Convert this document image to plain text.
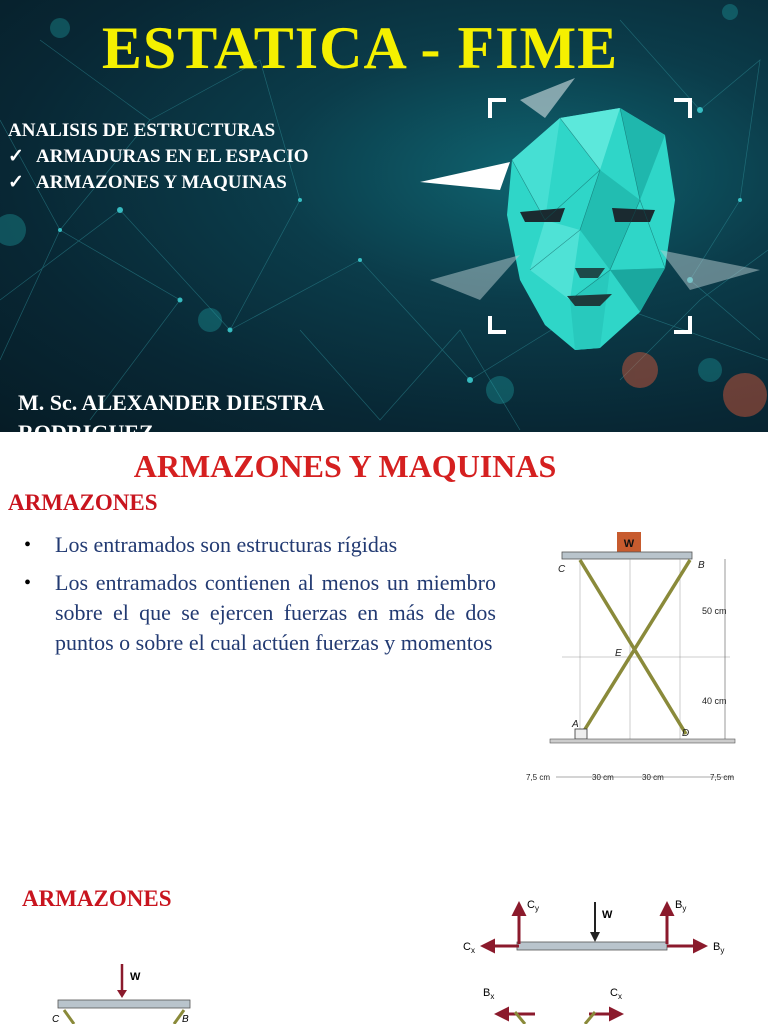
ESTATICA - FIME
ANALISIS DE ESTRUCTURAS
✓ ARMADURAS EN EL ESPACIO
✓ ARMAZONES Y MAQUINAS
M. Sc. ALEXANDER DIESTRA
ARMAZONES Y MAQUINAS
ARMAZONES
• Los entramados son estructuras rígidas
• Los entramados contienen al menos un miembro sobre el que se ejercen fuerzas en más de dos puntos o sobre el cual actúen fuerzas y momentos
W
C	B
E
A
D
50 cm
40 cm
7,5 cm	30 cm	30 cm	7,5 cm
ARMAZONES
W
$C_y$	$B_y$
$C_x$	$B_y$
$B_x$	$C_x$
W
C	B
